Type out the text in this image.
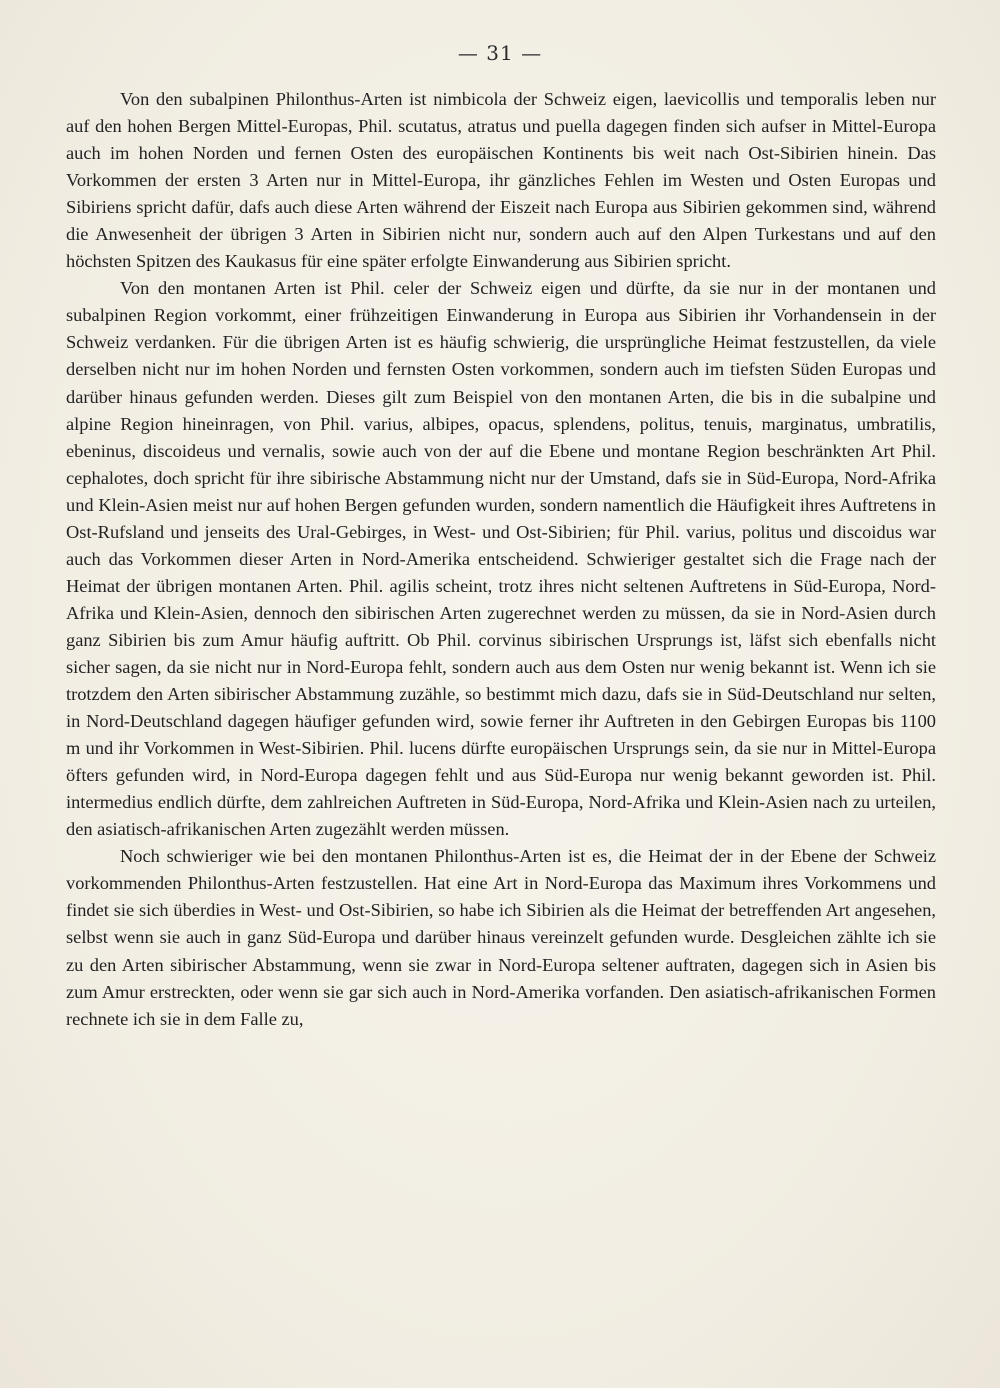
— 31 —

Von den subalpinen Philonthus-Arten ist nimbicola der Schweiz eigen, laevicollis und temporalis leben nur auf den hohen Bergen Mittel-Europas, Phil. scutatus, atratus und puella dagegen finden sich aufser in Mittel-Europa auch im hohen Norden und fernen Osten des europäischen Kontinents bis weit nach Ost-Sibirien hinein. Das Vorkommen der ersten 3 Arten nur in Mittel-Europa, ihr gänzliches Fehlen im Westen und Osten Europas und Sibiriens spricht dafür, dafs auch diese Arten während der Eiszeit nach Europa aus Sibirien gekommen sind, während die Anwesenheit der übrigen 3 Arten in Sibirien nicht nur, sondern auch auf den Alpen Turkestans und auf den höchsten Spitzen des Kaukasus für eine später erfolgte Einwanderung aus Sibirien spricht.

Von den montanen Arten ist Phil. celer der Schweiz eigen und dürfte, da sie nur in der montanen und subalpinen Region vorkommt, einer frühzeitigen Einwanderung in Europa aus Sibirien ihr Vorhandensein in der Schweiz verdanken. Für die übrigen Arten ist es häufig schwierig, die ursprüngliche Heimat festzustellen, da viele derselben nicht nur im hohen Norden und fernsten Osten vorkommen, sondern auch im tiefsten Süden Europas und darüber hinaus gefunden werden. Dieses gilt zum Beispiel von den montanen Arten, die bis in die subalpine und alpine Region hineinragen, von Phil. varius, albipes, opacus, splendens, politus, tenuis, marginatus, umbratilis, ebeninus, discoideus und vernalis, sowie auch von der auf die Ebene und montane Region beschränkten Art Phil. cephalotes, doch spricht für ihre sibirische Abstammung nicht nur der Umstand, dafs sie in Süd-Europa, Nord-Afrika und Klein-Asien meist nur auf hohen Bergen gefunden wurden, sondern namentlich die Häufigkeit ihres Auftretens in Ost-Rufsland und jenseits des Ural-Gebirges, in West- und Ost-Sibirien; für Phil. varius, politus und discoidus war auch das Vorkommen dieser Arten in Nord-Amerika entscheidend. Schwieriger gestaltet sich die Frage nach der Heimat der übrigen montanen Arten. Phil. agilis scheint, trotz ihres nicht seltenen Auftretens in Süd-Europa, Nord-Afrika und Klein-Asien, dennoch den sibirischen Arten zugerechnet werden zu müssen, da sie in Nord-Asien durch ganz Sibirien bis zum Amur häufig auftritt. Ob Phil. corvinus sibirischen Ursprungs ist, läfst sich ebenfalls nicht sicher sagen, da sie nicht nur in Nord-Europa fehlt, sondern auch aus dem Osten nur wenig bekannt ist. Wenn ich sie trotzdem den Arten sibirischer Abstammung zuzähle, so bestimmt mich dazu, dafs sie in Süd-Deutschland nur selten, in Nord-Deutschland dagegen häufiger gefunden wird, sowie ferner ihr Auftreten in den Gebirgen Europas bis 1100 m und ihr Vorkommen in West-Sibirien. Phil. lucens dürfte europäischen Ursprungs sein, da sie nur in Mittel-Europa öfters gefunden wird, in Nord-Europa dagegen fehlt und aus Süd-Europa nur wenig bekannt geworden ist. Phil. intermedius endlich dürfte, dem zahlreichen Auftreten in Süd-Europa, Nord-Afrika und Klein-Asien nach zu urteilen, den asiatisch-afrikanischen Arten zugezählt werden müssen.

Noch schwieriger wie bei den montanen Philonthus-Arten ist es, die Heimat der in der Ebene der Schweiz vorkommenden Philonthus-Arten festzustellen. Hat eine Art in Nord-Europa das Maximum ihres Vorkommens und findet sie sich überdies in West- und Ost-Sibirien, so habe ich Sibirien als die Heimat der betreffenden Art angesehen, selbst wenn sie auch in ganz Süd-Europa und darüber hinaus vereinzelt gefunden wurde. Desgleichen zählte ich sie zu den Arten sibirischer Abstammung, wenn sie zwar in Nord-Europa seltener auftraten, dagegen sich in Asien bis zum Amur erstreckten, oder wenn sie gar sich auch in Nord-Amerika vorfanden. Den asiatisch-afrikanischen Formen rechnete ich sie in dem Falle zu,
